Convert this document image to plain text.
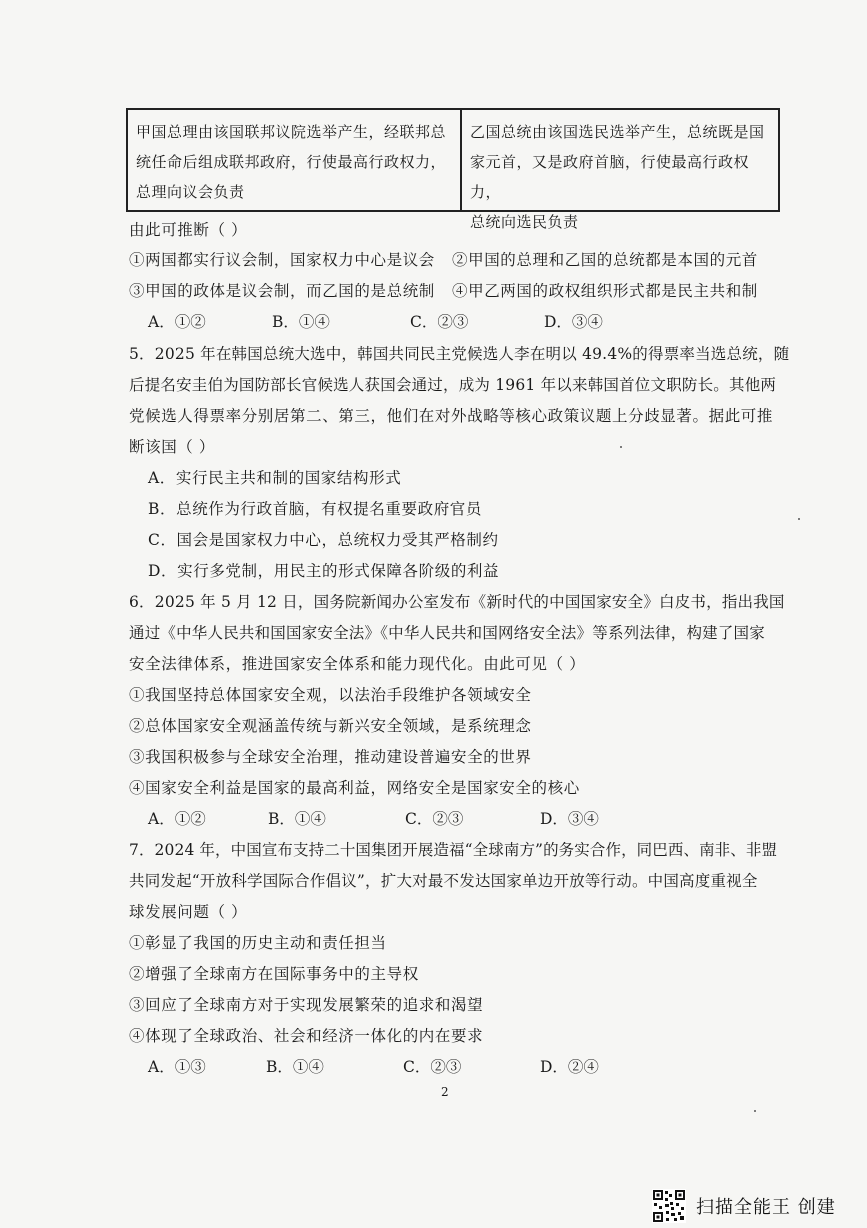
甲国总理由该国联邦议院选举产生，经联邦总
统任命后组成联邦政府，行使最高行政权力，
总理向议会负责
乙国总统由该国选民选举产生，总统既是国
家元首，又是政府首脑，行使最高行政权力，
总统向选民负责
由此可推断（ ）
①两国都实行议会制，国家权力中心是议会 ②甲国的总理和乙国的总统都是本国的元首
③甲国的政体是议会制，而乙国的是总统制 ④甲乙两国的政权组织形式都是民主共和制
A．①②	B．①④	C．②③	D．③④
5．2025 年在韩国总统大选中，韩国共同民主党候选人李在明以 49.4%的得票率当选总统，随
后提名安圭伯为国防部长官候选人获国会通过，成为 1961 年以来韩国首位文职防长。其他两
党候选人得票率分别居第二、第三，他们在对外战略等核心政策议题上分歧显著。据此可推
断该国（ ）
A．实行民主共和制的国家结构形式
B．总统作为行政首脑，有权提名重要政府官员
C．国会是国家权力中心，总统权力受其严格制约
D．实行多党制，用民主的形式保障各阶级的利益
6．2025 年 5 月 12 日，国务院新闻办公室发布《新时代的中国国家安全》白皮书，指出我国
通过《中华人民共和国国家安全法》《中华人民共和国网络安全法》等系列法律，构建了国家
安全法律体系，推进国家安全体系和能力现代化。由此可见（ ）
①我国坚持总体国家安全观，以法治手段维护各领域安全
②总体国家安全观涵盖传统与新兴安全领域，是系统理念
③我国积极参与全球安全治理，推动建设普遍安全的世界
④国家安全利益是国家的最高利益，网络安全是国家安全的核心
A．①②	B．①④	C．②③	D．③④
7．2024 年，中国宣布支持二十国集团开展造福“全球南方”的务实合作，同巴西、南非、非盟
共同发起“开放科学国际合作倡议”，扩大对最不发达国家单边开放等行动。中国高度重视全
球发展问题（ ）
①彰显了我国的历史主动和责任担当
②增强了全球南方在国际事务中的主导权
③回应了全球南方对于实现发展繁荣的追求和渴望
④体现了全球政治、社会和经济一体化的内在要求
A．①③	B．①④	C．②③	D．②④
2
扫描全能王 创建
